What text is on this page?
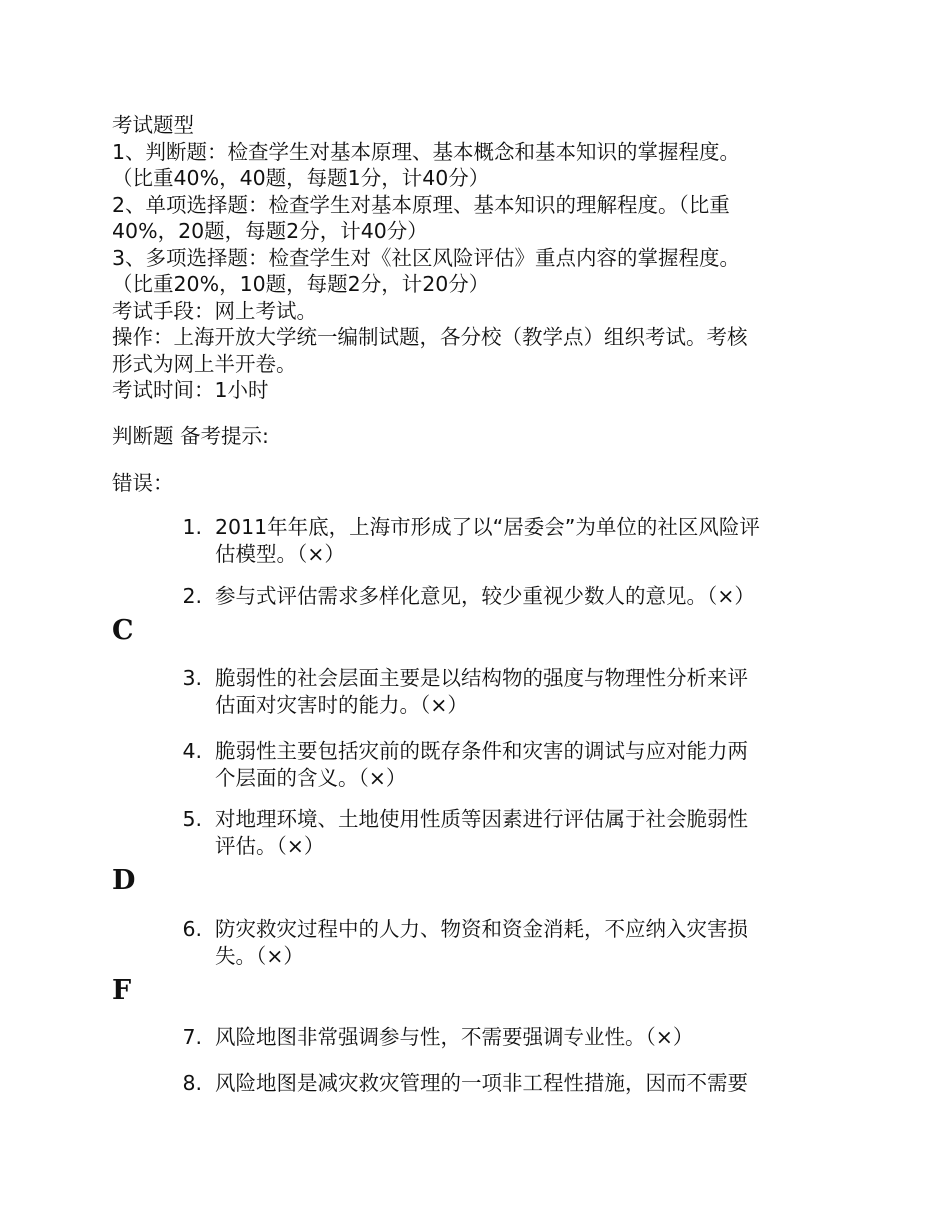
考试题型
1、判断题：检查学生对基本原理、基本概念和基本知识的掌握程度。
（比重40%，40题，每题1分，计40分）
2、单项选择题：检查学生对基本原理、基本知识的理解程度。（比重
40%，20题，每题2分，计40分）
3、多项选择题：检查学生对《社区风险评估》重点内容的掌握程度。
（比重20%，10题，每题2分，计20分）
考试手段：网上考试。
操作：上海开放大学统一编制试题，各分校（教学点）组织考试。考核
形式为网上半开卷。
考试时间：1小时
判断题 备考提示:
错误：
1. 2011年年底，上海市形成了以“居委会”为单位的社区风险评
估模型。（×）
2. 参与式评估需求多样化意见，较少重视少数人的意见。（×）
C
3. 脆弱性的社会层面主要是以结构物的强度与物理性分析来评
估面对灾害时的能力。（×）
4. 脆弱性主要包括灾前的既存条件和灾害的调试与应对能力两
个层面的含义。（×）
5. 对地理环境、土地使用性质等因素进行评估属于社会脆弱性
评估。（×）
D
6. 防灾救灾过程中的人力、物资和资金消耗，不应纳入灾害损
失。（×）
F
7. 风险地图非常强调参与性，不需要强调专业性。（×）
8. 风险地图是减灾救灾管理的一项非工程性措施，因而不需要
